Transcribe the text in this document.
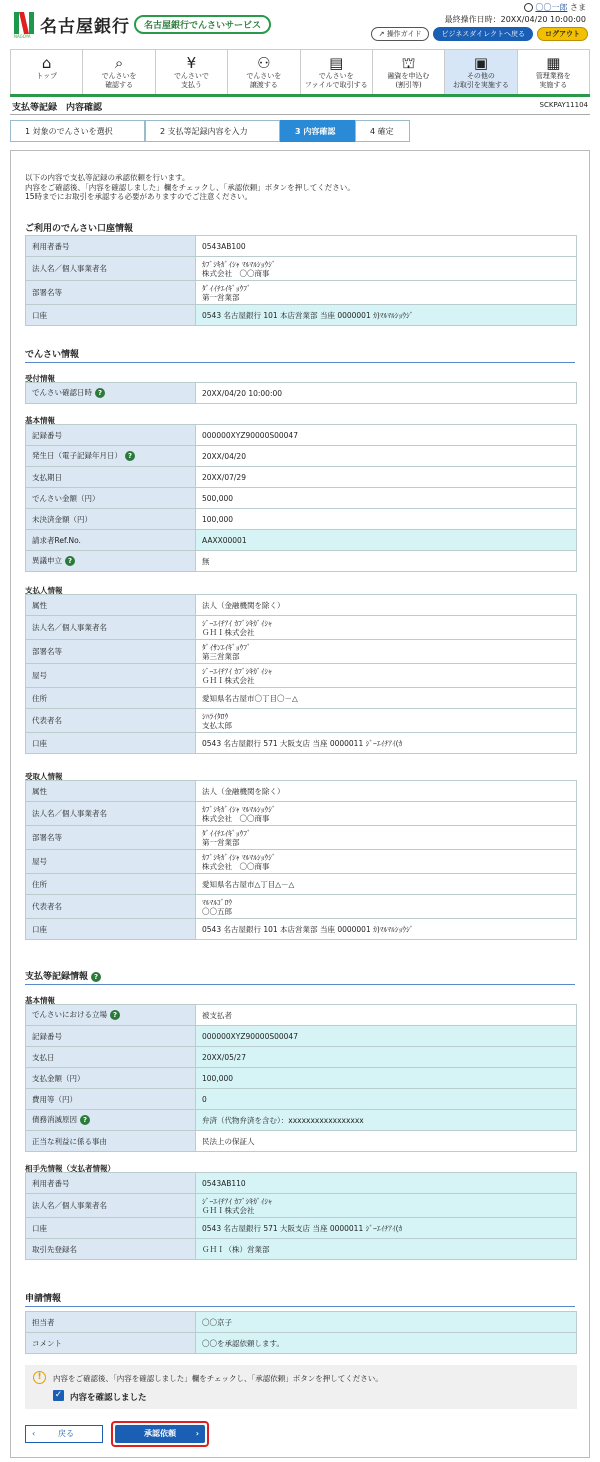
名古屋銀行
NAGOYA
名古屋銀行でんさいサービス
〇〇一郎 さま
最終操作日時：20XX/04/20 10:00:00
↗ 操作ガイド	ビジネスダイレクトへ戻る	ログアウト
⌂
トップ
⌕
でんさいを
確認する
¥
でんさいで
支払う
⚇
でんさいを
譲渡する
▤
でんさいを
ファイルで取引する
⛫
融資を申込む
(割引等)
▣
その他の
お取引を実施する
▦
管理業務を
実施する
支払等記録　内容確認	SCKPAY11104
1 対象のでんさいを選択	2 支払等記録内容を入力	3 内容確認	4 確定
以下の内容で支払等記録の承認依頼を行います。
内容をご確認後、「内容を確認しました」欄をチェックし、「承認依頼」ボタンを押してください。
15時までにお取引を承認する必要がありますのでご注意ください。
!	内容をご確認後、「内容を確認しました」欄をチェックし、「承認依頼」ボタンを押してください。
✓ 内容を確認しました
‹	戻る	承認依頼 ›
ご利用のでんさい口座情報
利用者番号	0543AB100
法人名／個人事業者名	ｶﾌﾞｼｷｶﾞｲｼｬ ﾏﾙﾏﾙｼｮｳｼﾞ
株式会社　〇〇商事
部署名等	ﾀﾞｲｲﾁｴｲｷﾞｮｳﾌﾞ
第一営業部
口座	0543 名古屋銀行 101 本店営業部 当座 0000001 ｶ)ﾏﾙﾏﾙｼｮｳｼﾞ
でんさい情報
受付情報
でんさい確認日時 ?	20XX/04/20 10:00:00
基本情報
記録番号	000000XYZ90000S00047
発生日（電子記録年月日） ?	20XX/04/20
支払期日	20XX/07/29
でんさい金額（円）	500,000
未決済金額（円）	100,000
請求者Ref.No.	AAXX00001
異議申立 ?	無
支払人情報
属性	法人（金融機関を除く）
法人名／個人事業者名	ｼﾞｰｴｲﾁｱｲ ｶﾌﾞｼｷｶﾞｲｼｬ
ＧＨＩ株式会社
部署名等	ﾀﾞｲｻﾝｴｲｷﾞｮｳﾌﾞ
第三営業部
屋号	ｼﾞｰｴｲﾁｱｲ ｶﾌﾞｼｷｶﾞｲｼｬ
ＧＨＩ株式会社
住所	愛知県名古屋市〇丁目〇－△
代表者名	ｼﾊﾗｲﾀﾛｳ
支払太郎
口座	0543 名古屋銀行 571 大阪支店 当座 0000011 ｼﾞｰｴｲﾁｱｲ(ｶ
受取人情報
属性	法人（金融機関を除く）
法人名／個人事業者名	ｶﾌﾞｼｷｶﾞｲｼｬ ﾏﾙﾏﾙｼｮｳｼﾞ
株式会社　〇〇商事
部署名等	ﾀﾞｲｲﾁｴｲｷﾞｮｳﾌﾞ
第一営業部
屋号	ｶﾌﾞｼｷｶﾞｲｼｬ ﾏﾙﾏﾙｼｮｳｼﾞ
株式会社　〇〇商事
住所	愛知県名古屋市△丁目△－△
代表者名	ﾏﾙﾏﾙｺﾞﾛｳ
〇〇五郎
口座	0543 名古屋銀行 101 本店営業部 当座 0000001 ｶ)ﾏﾙﾏﾙｼｮｳｼﾞ
支払等記録情報 ?
基本情報
でんさいにおける立場 ?	被支払者
記録番号	000000XYZ90000S00047
支払日	20XX/05/27
支払金額（円）	100,000
費用等（円）	0
債務消滅原因 ?	弁済（代物弁済を含む）：xxxxxxxxxxxxxxxxx
正当な利益に係る事由	民法上の保証人
相手先情報（支払者情報）
利用者番号	0543AB110
法人名／個人事業者名	ｼﾞｰｴｲﾁｱｲ ｶﾌﾞｼｷｶﾞｲｼｬ
ＧＨＩ株式会社
口座	0543 名古屋銀行 571 大阪支店 当座 0000011 ｼﾞｰｴｲﾁｱｲ(ｶ
取引先登録名	ＧＨＩ（株）営業部
申請情報
担当者	〇〇京子
コメント	〇〇を承認依頼します。
